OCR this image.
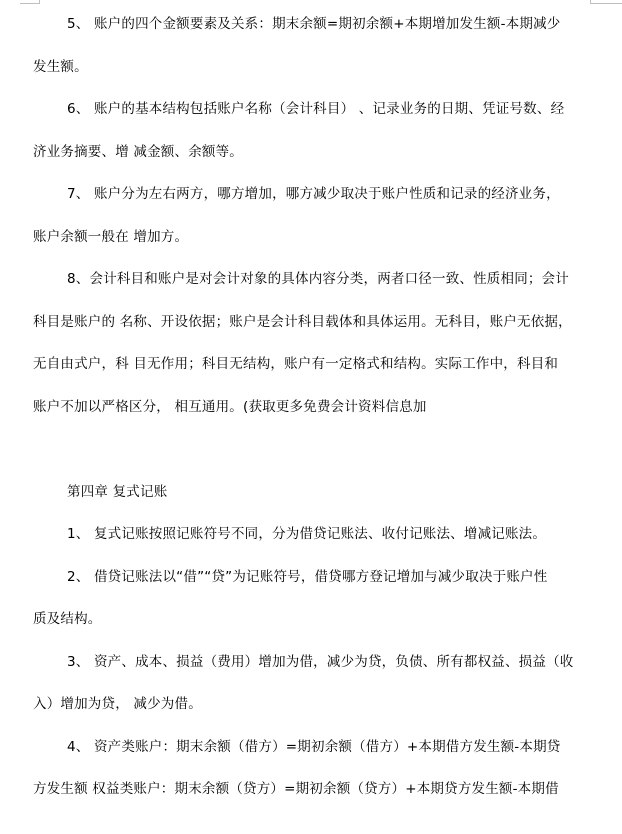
5、 账户的四个金额要素及关系：期末余额=期初余额+本期增加发生额-本期减少

发生额。

6、 账户的基本结构包括账户名称（会计科目） 、记录业务的日期、凭证号数、经

济业务摘要、增 减金额、余额等。

7、 账户分为左右两方，哪方增加，哪方减少取决于账户性质和记录的经济业务，

账户余额一般在 增加方。

8、会计科目和账户是对会计对象的具体内容分类，两者口径一致、性质相同；会计

科目是账户的 名称、开设依据；账户是会计科目载体和具体运用。无科目，账户无依据，

无自由式户，科 目无作用；科目无结构，账户有一定格式和结构。实际工作中，科目和

账户不加以严格区分， 相互通用。(获取更多免费会计资料信息加

第四章 复式记账

1、 复式记账按照记账符号不同，分为借贷记账法、收付记账法、增减记账法。

2、 借贷记账法以“借”“贷”为记账符号，借贷哪方登记增加与减少取决于账户性

质及结构。

3、 资产、成本、损益（费用）增加为借，减少为贷，负债、所有都权益、损益（收

入）增加为贷， 减少为借。

4、 资产类账户：期末余额（借方）=期初余额（借方）+本期借方发生额-本期贷

方发生额 权益类账户：期末余额（贷方）=期初余额（贷方）+本期贷方发生额-本期借
